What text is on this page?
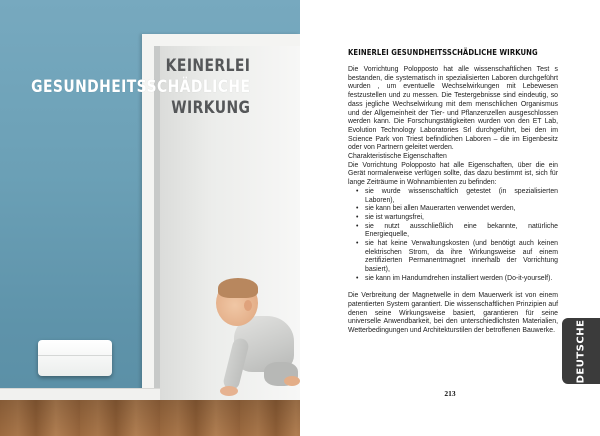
KEINERLEI
GESUNDHEITSSCHÄDLICHE
WIRKUNG
KEINERLEI GESUNDHEITSSCHÄDLICHE WIRKUNG

Die Vorrichtung Polopposto hat alle wissenschaftlichen Test s bestanden, die systematisch in spezialisierten Laboren durchgeführt wurden , um eventuelle Wechselwirkungen mit Lebewesen festzustellen und zu messen. Die Testergebnisse sind eindeutig, so dass jegliche Wechselwirkung mit dem menschlichen Organismus und der Allgemeinheit der Tier- und Pflanzenzellen ausgeschlossen werden kann. Die Forschungstätigkeiten wurden von den ET Lab, Evolution Technology Laboratories Srl durchgeführt, bei den im Science Park von Triest befindlichen Laboren – die im Eigenbesitz oder von Partnern geleitet werden.

Charakteristische Eigenschaften

Die Vorrichtung Polopposto hat alle Eigenschaften, über die ein Gerät normalerweise verfügen sollte, das dazu bestimmt ist, sich für lange Zeiträume in Wohnambienten zu befinden:

• sie wurde wissenschaftlich getestet (in spezialisierten Laboren),
• sie kann bei allen Mauerarten verwendet werden,
• sie ist wartungsfrei,
• sie nutzt ausschließlich eine bekannte, natürliche Energiequelle,
• sie hat keine Verwaltungskosten (und benötigt auch keinen elektrischen Strom, da ihre Wirkungsweise auf einem zertifizierten Permanentmagnet innerhalb der Vorrichtung basiert),
• sie kann im Handumdrehen installiert werden (Do-it-yourself).

Die Verbreitung der Magnetwelle in dem Mauerwerk ist von einem patentierten System garantiert. Die wissenschaftlichen Prinzipien auf denen seine Wirkungsweise basiert, garantieren für seine universelle Anwendbarkeit, bei den unterschiedlichsten Materialien, Wetterbedingungen und Architekturstilen der betroffenen Bauwerke.

213
DEUTSCHE
